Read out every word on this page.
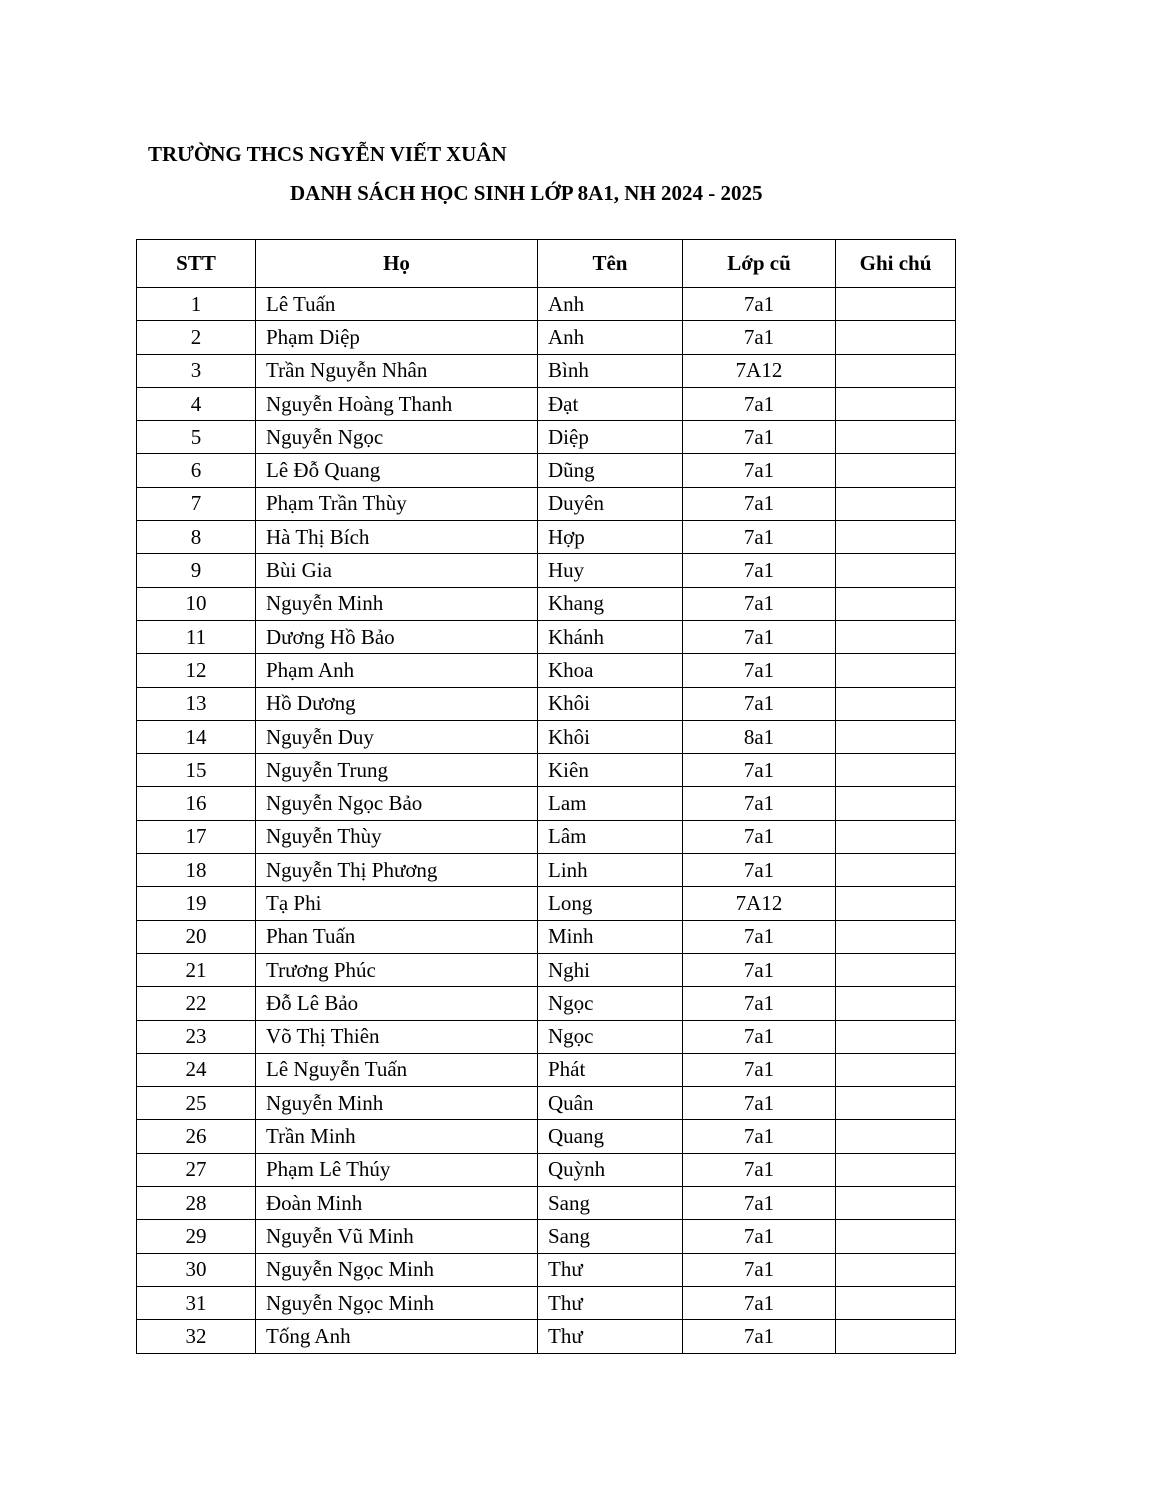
TRƯỜNG THCS NGYỄN VIẾT XUÂN
DANH SÁCH HỌC SINH LỚP 8A1, NH 2024 - 2025
STT	Họ	Tên	Lớp cũ	Ghi chú
1	Lê Tuấn	Anh	7a1	
2	Phạm Diệp	Anh	7a1	
3	Trần Nguyễn Nhân	Bình	7A12	
4	Nguyễn Hoàng Thanh	Đạt	7a1	
5	Nguyễn Ngọc	Diệp	7a1	
6	Lê Đỗ Quang	Dũng	7a1	
7	Phạm Trần Thùy	Duyên	7a1	
8	Hà Thị Bích	Hợp	7a1	
9	Bùi Gia	Huy	7a1	
10	Nguyễn Minh	Khang	7a1	
11	Dương Hồ Bảo	Khánh	7a1	
12	Phạm Anh	Khoa	7a1	
13	Hồ Dương	Khôi	7a1	
14	Nguyễn Duy	Khôi	8a1	
15	Nguyễn Trung	Kiên	7a1	
16	Nguyễn Ngọc Bảo	Lam	7a1	
17	Nguyễn Thùy	Lâm	7a1	
18	Nguyễn Thị Phương	Linh	7a1	
19	Tạ Phi	Long	7A12	
20	Phan Tuấn	Minh	7a1	
21	Trương Phúc	Nghi	7a1	
22	Đỗ Lê Bảo	Ngọc	7a1	
23	Võ Thị Thiên	Ngọc	7a1	
24	Lê Nguyễn Tuấn	Phát	7a1	
25	Nguyễn Minh	Quân	7a1	
26	Trần Minh	Quang	7a1	
27	Phạm Lê Thúy	Quỳnh	7a1	
28	Đoàn Minh	Sang	7a1	
29	Nguyễn Vũ Minh	Sang	7a1	
30	Nguyễn Ngọc Minh	Thư	7a1	
31	Nguyễn Ngọc Minh	Thư	7a1	
32	Tống Anh	Thư	7a1	
